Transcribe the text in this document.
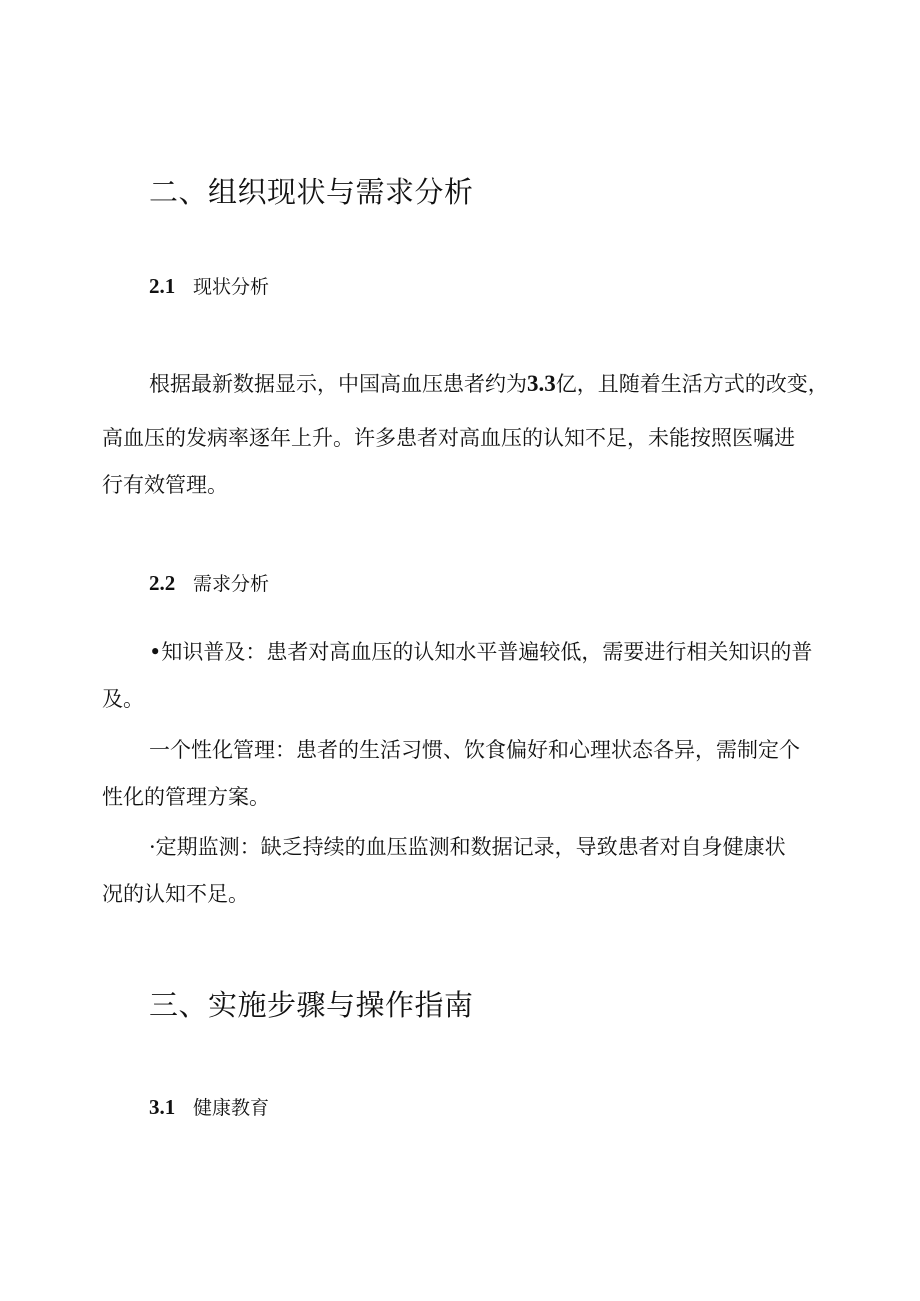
二、组织现状与需求分析
2.1 现状分析
根据最新数据显示，中国高血压患者约为3.3亿，且随着生活方式的改变，
高血压的发病率逐年上升。许多患者对高血压的认知不足，未能按照医嘱进
行有效管理。
2.2 需求分析
•知识普及：患者对高血压的认知水平普遍较低，需要进行相关知识的普
及。
一个性化管理：患者的生活习惯、饮食偏好和心理状态各异，需制定个
性化的管理方案。
·定期监测：缺乏持续的血压监测和数据记录，导致患者对自身健康状
况的认知不足。
三、实施步骤与操作指南
3.1 健康教育
